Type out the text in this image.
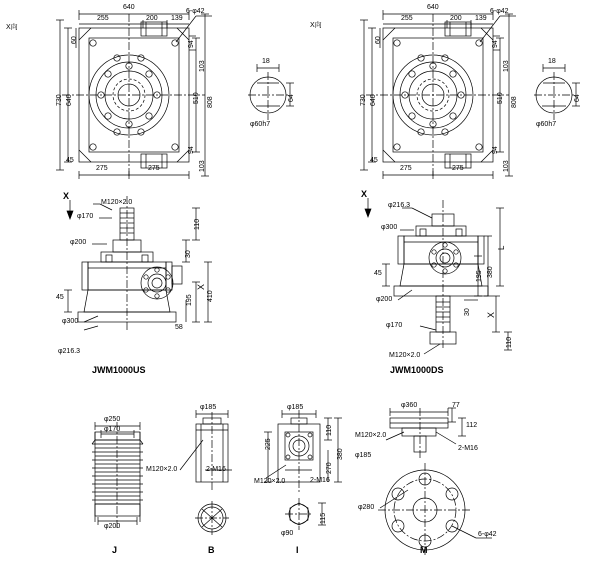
X向
640
255	200 139
6-φ42
60
94
103
730 640	510 808
45
275	275
94
103
18
64
φ60h7
X向
640
255	200 139
6-φ42
60
94
103
730 640	510 808
45
275	275
94
103
18
64
φ60h7
X
M120×2.0
110
φ170
φ200
30
410
X
195
45
58
φ300
φ216.3
JWM1000US
X
φ216.3
L
φ300
380
195
45
φ200
30 X
φ170
M120×2.0
110
JWM1000DS
φ250
φ170
φ200
J
φ185
M120×2.0	2-M16
B
φ185
110
225
380
270
M120×2.0	2-M16
φ90
115
I
φ360	77
112
M120×2.0
φ185
2-M16
φ280
6-φ42
M
